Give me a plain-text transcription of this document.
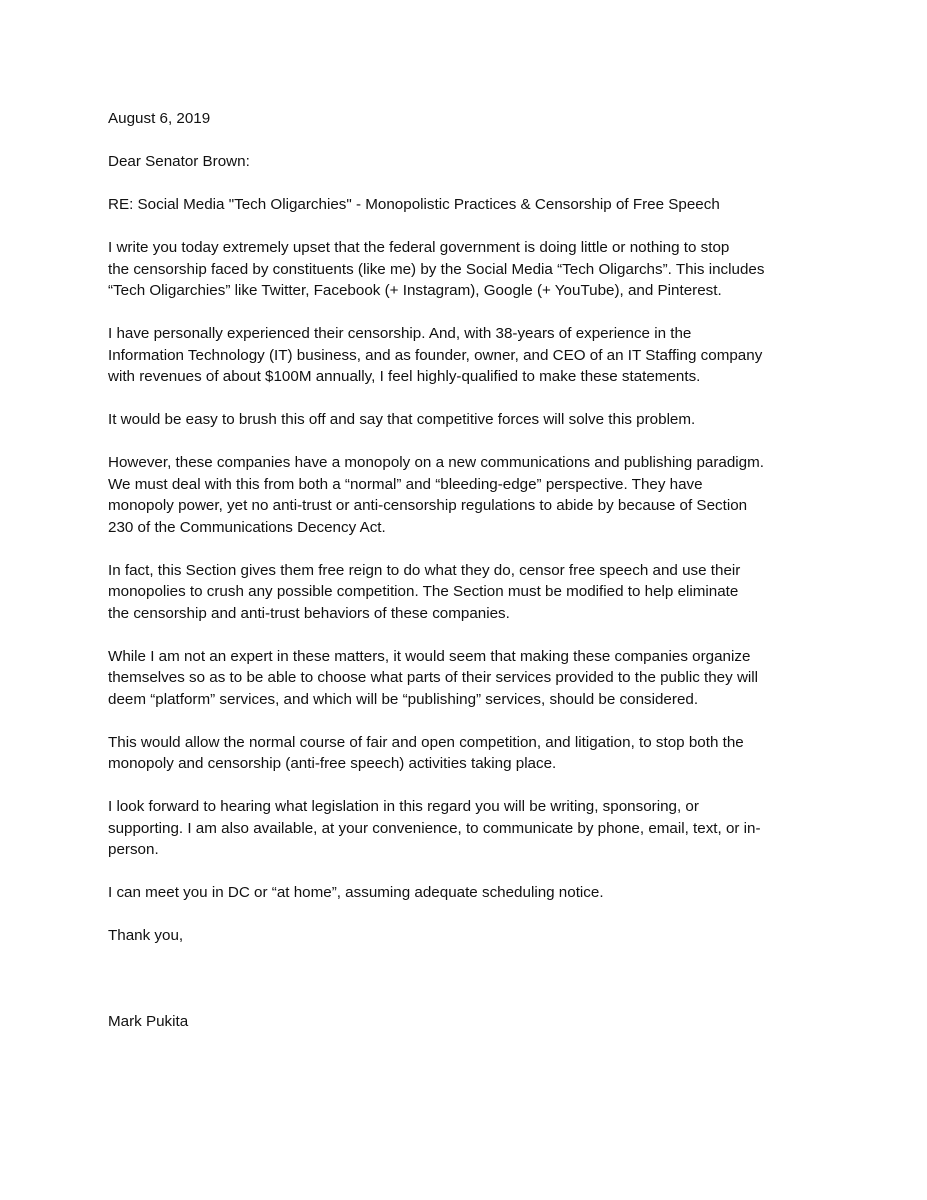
August 6, 2019

Dear Senator Brown:

RE: Social Media "Tech Oligarchies" - Monopolistic Practices & Censorship of Free Speech

I write you today extremely upset that the federal government is doing little or nothing to stop
the censorship faced by constituents (like me) by the Social Media “Tech Oligarchs”. This includes
“Tech Oligarchies” like Twitter, Facebook (+ Instagram), Google (+ YouTube), and Pinterest.

I have personally experienced their censorship. And, with 38-years of experience in the
Information Technology (IT) business, and as founder, owner, and CEO of an IT Staffing company
with revenues of about $100M annually, I feel highly-qualified to make these statements.

It would be easy to brush this off and say that competitive forces will solve this problem.

However, these companies have a monopoly on a new communications and publishing paradigm.
We must deal with this from both a “normal” and “bleeding-edge” perspective. They have
monopoly power, yet no anti-trust or anti-censorship regulations to abide by because of Section
230 of the Communications Decency Act.

In fact, this Section gives them free reign to do what they do, censor free speech and use their
monopolies to crush any possible competition. The Section must be modified to help eliminate
the censorship and anti-trust behaviors of these companies.

While I am not an expert in these matters, it would seem that making these companies organize
themselves so as to be able to choose what parts of their services provided to the public they will
deem “platform” services, and which will be “publishing” services, should be considered.

This would allow the normal course of fair and open competition, and litigation, to stop both the
monopoly and censorship (anti-free speech) activities taking place.

I look forward to hearing what legislation in this regard you will be writing, sponsoring, or
supporting. I am also available, at your convenience, to communicate by phone, email, text, or in-
person.

I can meet you in DC or “at home”, assuming adequate scheduling notice.

Thank you,

Mark Pukita
